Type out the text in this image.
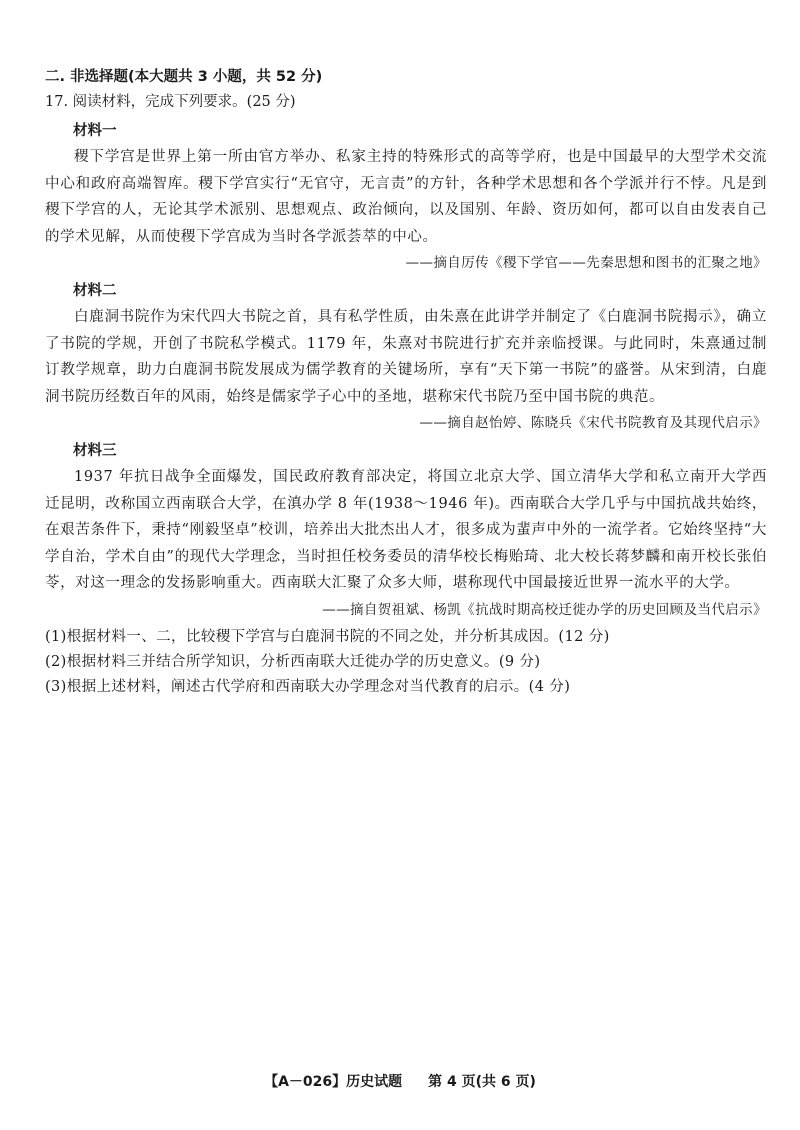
二. 非选择题(本大题共 3 小题，共 52 分)

17. 阅读材料，完成下列要求。(25 分)

材料一

稷下学宫是世界上第一所由官方举办、私家主持的特殊形式的高等学府，也是中国最早的大型学术交流中心和政府高端智库。稷下学宫实行“无官守，无言责”的方针，各种学术思想和各个学派并行不悖。凡是到稷下学宫的人，无论其学术派别、思想观点、政治倾向，以及国别、年龄、资历如何，都可以自由发表自己的学术见解，从而使稷下学宫成为当时各学派荟萃的中心。

——摘自厉传《稷下学官——先秦思想和图书的汇聚之地》

材料二

白鹿洞书院作为宋代四大书院之首，具有私学性质，由朱熹在此讲学并制定了《白鹿洞书院揭示》，确立了书院的学规，开创了书院私学模式。1179 年，朱熹对书院进行扩充并亲临授课。与此同时，朱熹通过制订教学规章，助力白鹿洞书院发展成为儒学教育的关键场所，享有“天下第一书院”的盛誉。从宋到清，白鹿洞书院历经数百年的风雨，始终是儒家学子心中的圣地，堪称宋代书院乃至中国书院的典范。

——摘自赵怡婷、陈晓兵《宋代书院教育及其现代启示》

材料三

1937 年抗日战争全面爆发，国民政府教育部决定，将国立北京大学、国立清华大学和私立南开大学西迁昆明，改称国立西南联合大学，在滇办学 8 年(1938～1946 年)。西南联合大学几乎与中国抗战共始终，在艰苦条件下，秉持“刚毅坚卓”校训，培养出大批杰出人才，很多成为蜚声中外的一流学者。它始终坚持“大学自治，学术自由”的现代大学理念，当时担任校务委员的清华校长梅贻琦、北大校长蒋梦麟和南开校长张伯苓，对这一理念的发扬影响重大。西南联大汇聚了众多大师，堪称现代中国最接近世界一流水平的大学。

——摘自贺祖斌、杨凯《抗战时期高校迁徙办学的历史回顾及当代启示》

(1)根据材料一、二，比较稷下学宫与白鹿洞书院的不同之处，并分析其成因。(12 分)

(2)根据材料三并结合所学知识，分析西南联大迁徙办学的历史意义。(9 分)

(3)根据上述材料，阐述古代学府和西南联大办学理念对当代教育的启示。(4 分)

【A－026】历史试题 第 4 页(共 6 页)
